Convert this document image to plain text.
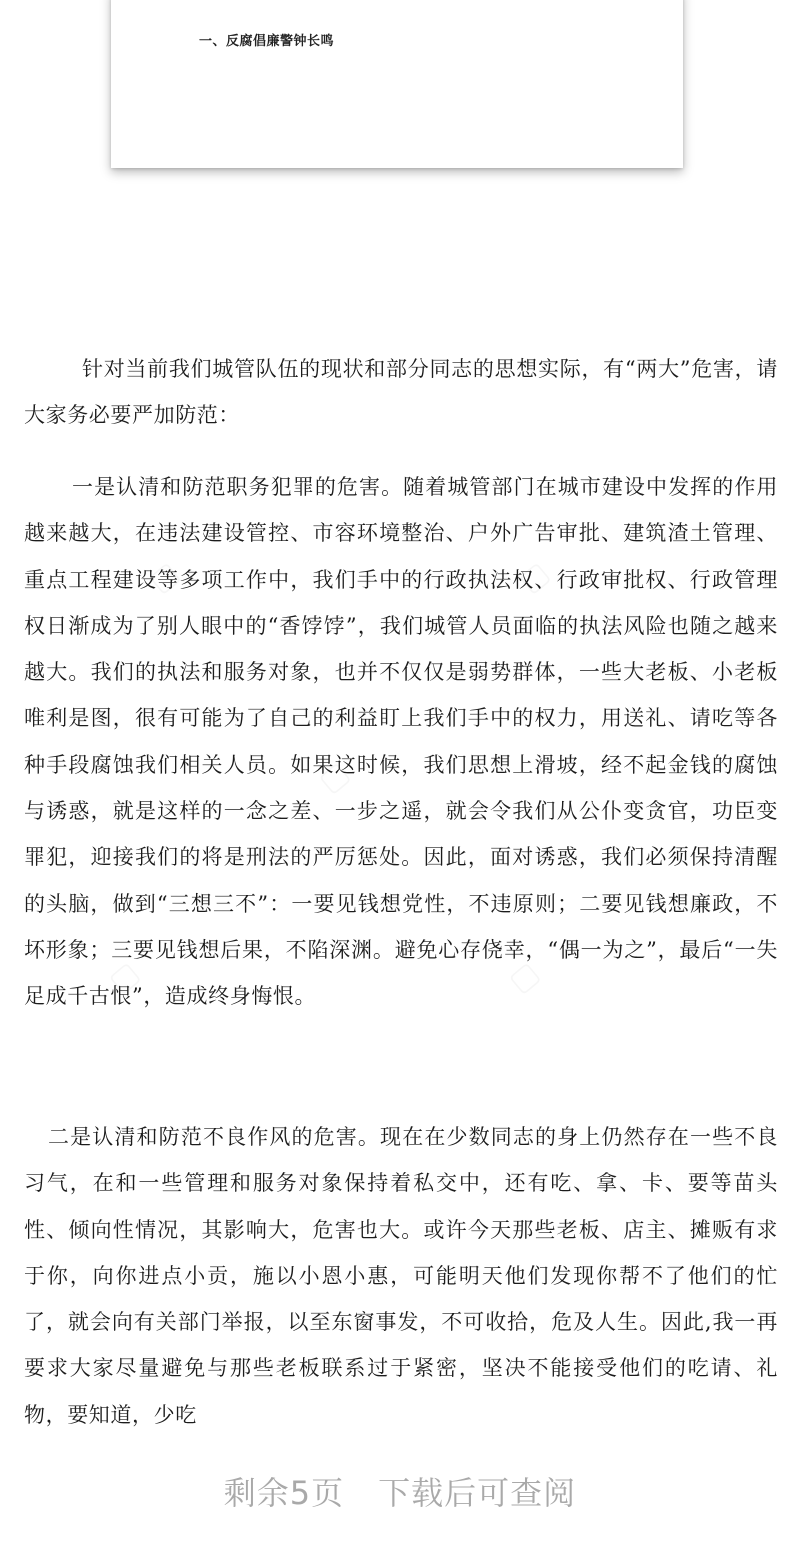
一、反腐倡廉警钟长鸣

针对当前我们城管队伍的现状和部分同志的思想实际，有“两大”危害，请大家务必要严加防范：

一是认清和防范职务犯罪的危害。随着城管部门在城市建设中发挥的作用越来越大，在违法建设管控、市容环境整治、户外广告审批、建筑渣土管理、重点工程建设等多项工作中，我们手中的行政执法权、行政审批权、行政管理权日渐成为了别人眼中的“香饽饽”，我们城管人员面临的执法风险也随之越来越大。我们的执法和服务对象，也并不仅仅是弱势群体，一些大老板、小老板唯利是图，很有可能为了自己的利益盯上我们手中的权力，用送礼、请吃等各种手段腐蚀我们相关人员。如果这时候，我们思想上滑坡，经不起金钱的腐蚀与诱惑，就是这样的一念之差、一步之遥，就会令我们从公仆变贪官，功臣变罪犯，迎接我们的将是刑法的严厉惩处。因此，面对诱惑，我们必须保持清醒的头脑，做到“三想三不”：一要见钱想党性，不违原则；二要见钱想廉政，不坏形象；三要见钱想后果，不陷深渊。避免心存侥幸，“偶一为之”，最后“一失足成千古恨”，造成终身悔恨。

二是认清和防范不良作风的危害。现在在少数同志的身上仍然存在一些不良习气，在和一些管理和服务对象保持着私交中，还有吃、拿、卡、要等苗头性、倾向性情况，其影响大，危害也大。或许今天那些老板、店主、摊贩有求于你，向你进点小贡，施以小恩小惠，可能明天他们发现你帮不了他们的忙了，就会向有关部门举报，以至东窗事发，不可收拾，危及人生。因此,我一再要求大家尽量避免与那些老板联系过于紧密，坚决不能接受他们的吃请、礼物，要知道，少吃

剩余5页 下载后可查阅
